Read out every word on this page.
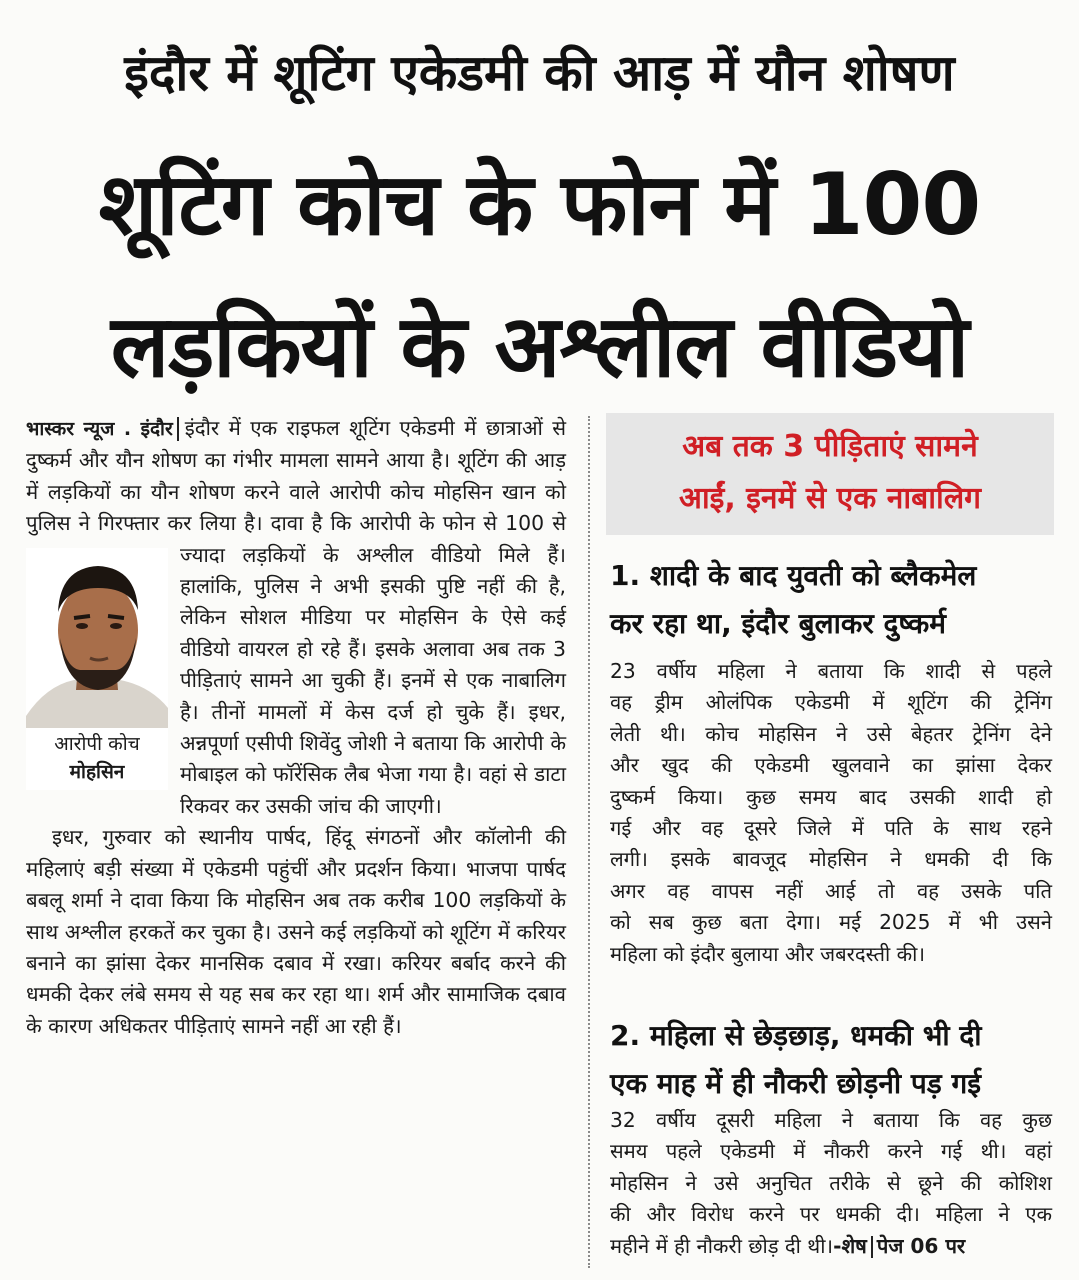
इंदौर में शूटिंग एकेडमी की आड़ में यौन शोषण
शूटिंग कोच के फोन में 100
लड़कियों के अश्लील वीडियो

भास्कर न्यूज . इंदौर इंदौर में एक राइफल शूटिंग एकेडमी में छात्राओं से दुष्कर्म और यौन शोषण का गंभीर मामला सामने आया है। शूटिंग की आड़ में लड़कियों का यौन शोषण करने वाले आरोपी कोच मोहसिन खान को पुलिस ने गिरफ्तार कर लिया है। दावा है कि आरोपी के फोन से 100 से ज्यादा लड़कियों के अश्लील वीडियो मिले
आरोपी कोच
मोहसिन
हैं। हालांकि, पुलिस ने अभी इसकी पुष्टि नहीं की है, लेकिन सोशल मीडिया पर मोहसिन के ऐसे कई वीडियो वायरल हो रहे हैं। इसके अलावा अब तक 3 पीड़िताएं सामने आ चुकी हैं। इनमें से एक नाबालिग है। तीनों मामलों में केस दर्ज हो चुके हैं। इधर, अन्नपूर्णा एसीपी शिवेंदु जोशी ने बताया कि आरोपी के मोबाइल को फॉरेंसिक लैब भेजा गया है। वहां से डाटा रिकवर कर उसकी जांच की जाएगी।

इधर, गुरुवार को स्थानीय पार्षद, हिंदू संगठनों और कॉलोनी की महिलाएं बड़ी संख्या में एकेडमी पहुंचीं और प्रदर्शन किया। भाजपा पार्षद बबलू शर्मा ने दावा किया कि मोहसिन अब तक करीब 100 लड़कियों के साथ अश्लील हरकतें कर चुका है। उसने कई लड़कियों को शूटिंग में करियर बनाने का झांसा देकर मानसिक दबाव में रखा। करियर बर्बाद करने की धमकी देकर लंबे समय से यह सब कर रहा था। शर्म और सामाजिक दबाव के कारण अधिकतर पीड़िताएं सामने नहीं आ रही हैं।

अब तक 3 पीड़िताएं सामने
आईं, इनमें से एक नाबालिग
1. शादी के बाद युवती को ब्लैकमेल
कर रहा था, इंदौर बुलाकर दुष्कर्म
23 वर्षीय महिला ने बताया कि शादी से पहले
वह ड्रीम ओलंपिक एकेडमी में शूटिंग की ट्रेनिंग
लेती थी। कोच मोहसिन ने उसे बेहतर ट्रेनिंग देने
और खुद की एकेडमी खुलवाने का झांसा देकर
दुष्कर्म किया। कुछ समय बाद उसकी शादी हो
गई और वह दूसरे जिले में पति के साथ रहने
लगी। इसके बावजूद मोहसिन ने धमकी दी कि
अगर वह वापस नहीं आई तो वह उसके पति
को सब कुछ बता देगा। मई 2025 में भी उसने
महिला को इंदौर बुलाया और जबरदस्ती की।
2. महिला से छेड़छाड़, धमकी भी दी
एक माह में ही नौकरी छोड़नी पड़ गई
32 वर्षीय दूसरी महिला ने बताया कि वह कुछ
समय पहले एकेडमी में नौकरी करने गई थी। वहां
मोहसिन ने उसे अनुचित तरीके से छूने की कोशिश
की और विरोध करने पर धमकी दी। महिला ने एक
महीने में ही नौकरी छोड़ दी थी।-शेष पेज 06 पर
